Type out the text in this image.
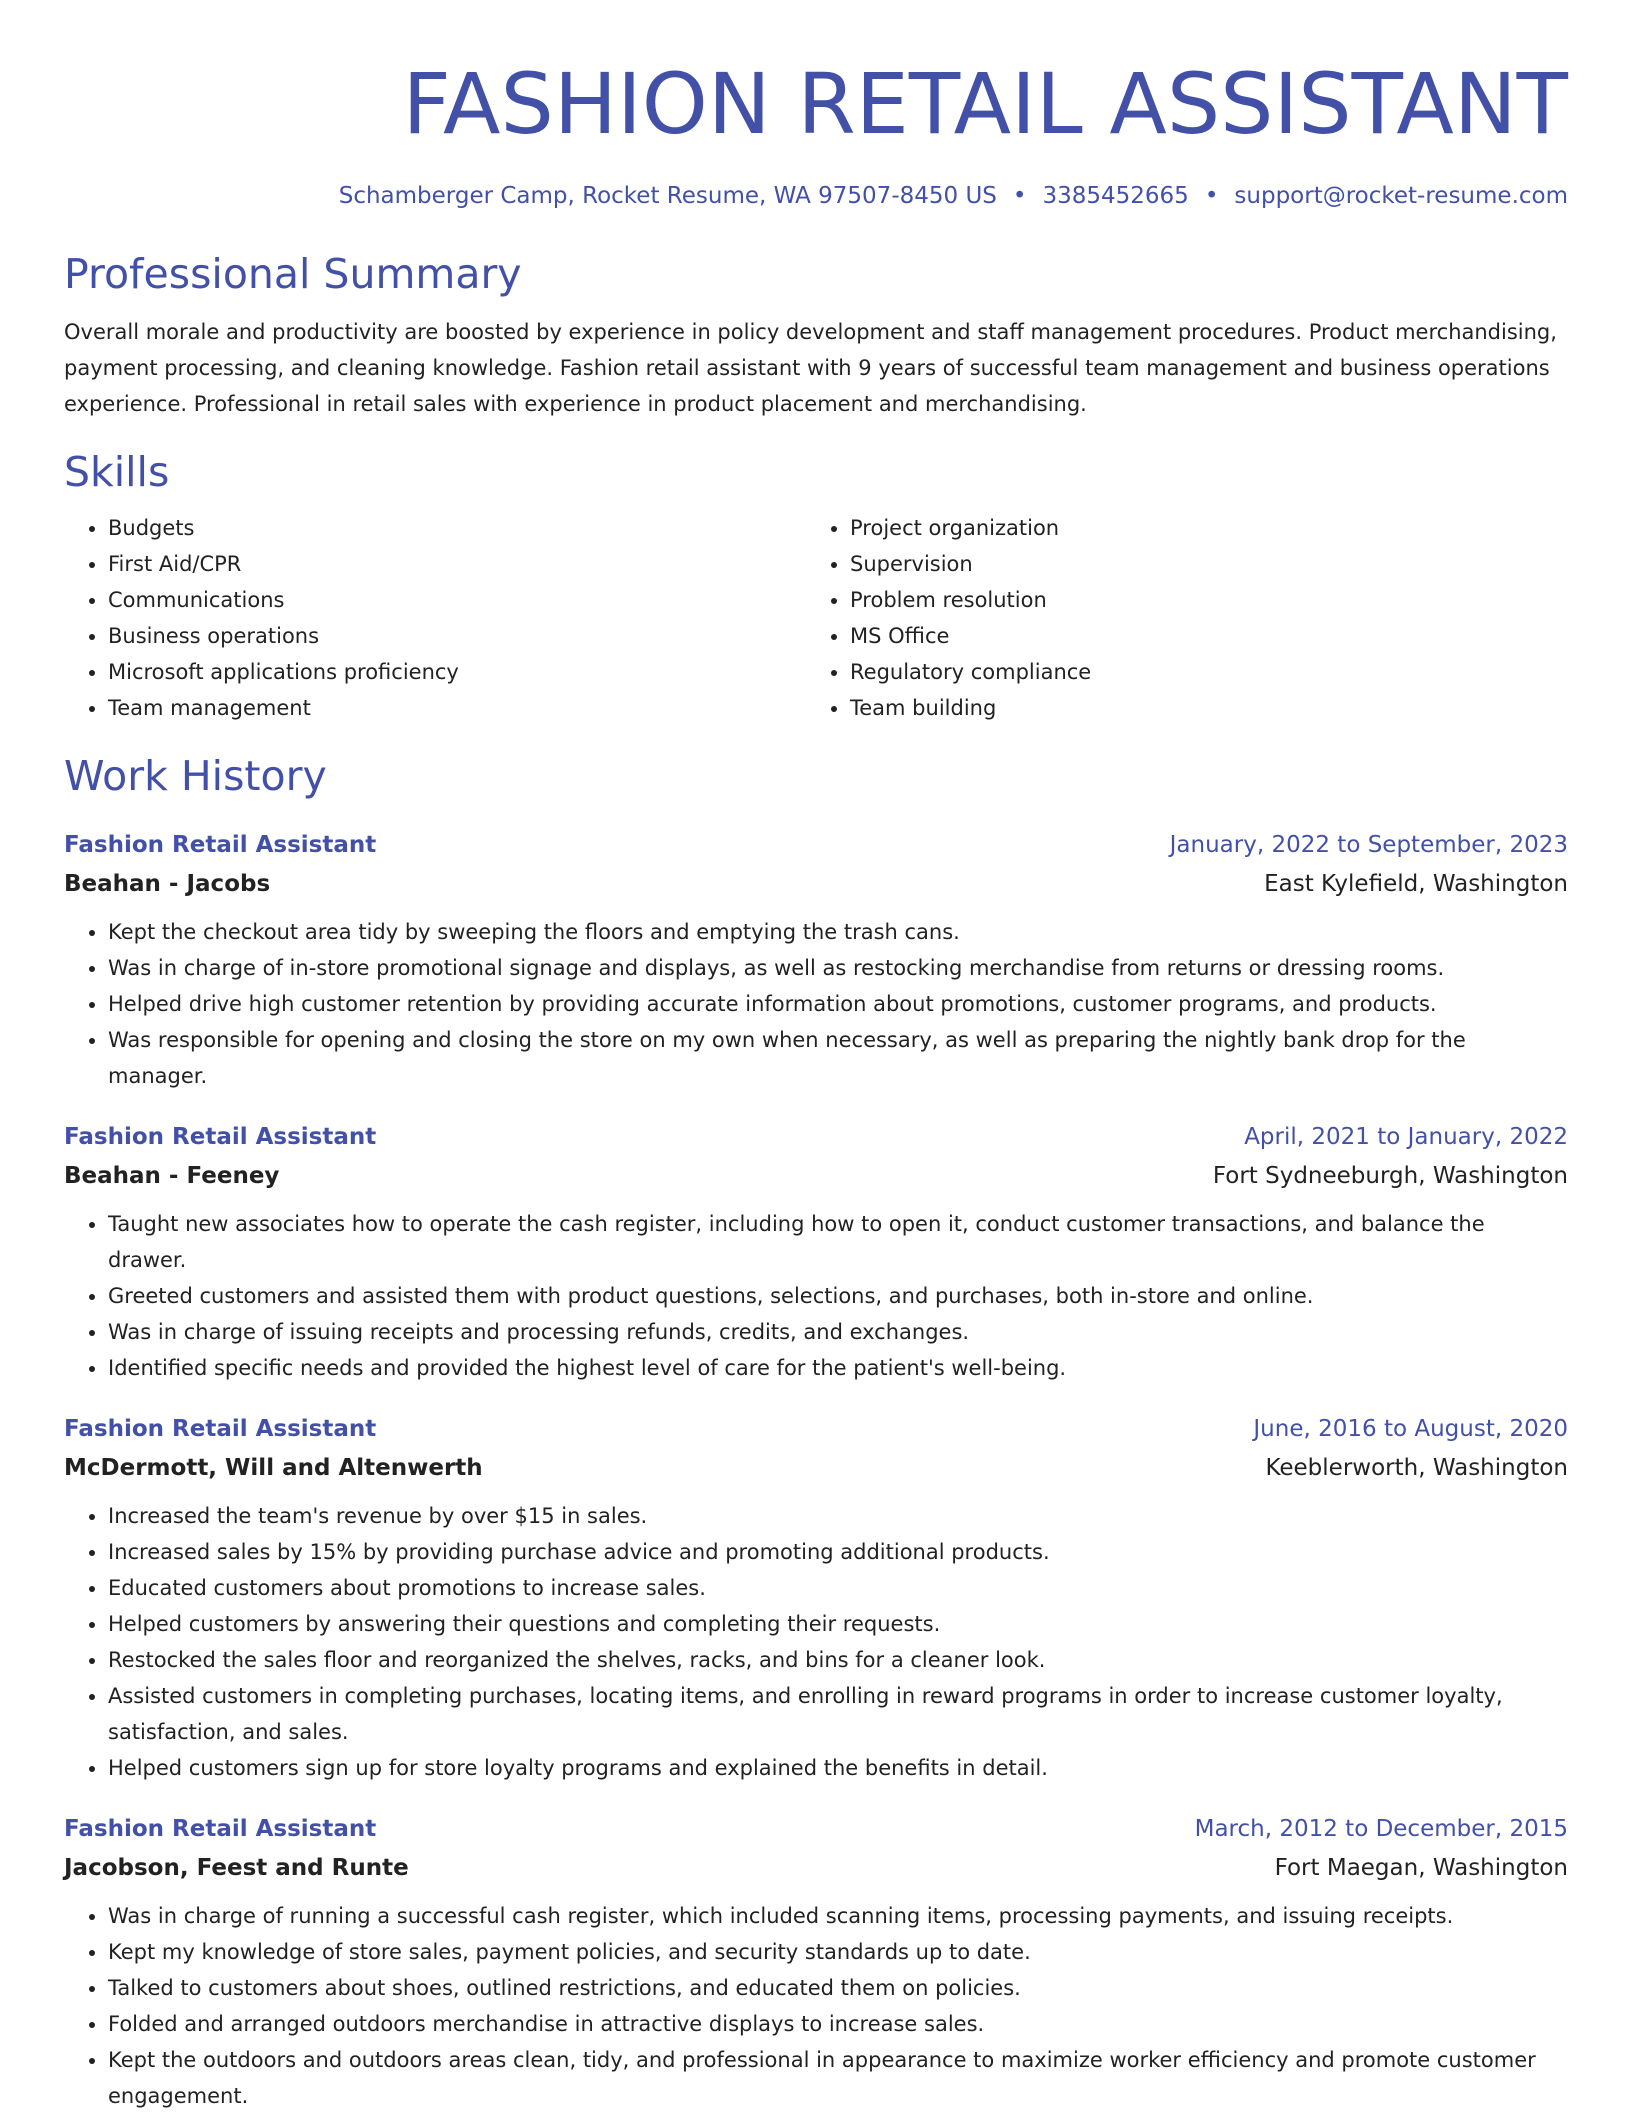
FASHION RETAIL ASSISTANT
Schamberger Camp, Rocket Resume, WA 97507-8450 US • 3385452665 • support@rocket-resume.com
Professional Summary
Overall morale and productivity are boosted by experience in policy development and staff management procedures. Product merchandising, payment processing, and cleaning knowledge. Fashion retail assistant with 9 years of successful team management and business operations experience. Professional in retail sales with experience in product placement and merchandising.
Skills
• Budgets
• First Aid/CPR
• Communications
• Business operations
• Microsoft applications proficiency
• Team management
• Project organization
• Supervision
• Problem resolution
• MS Office
• Regulatory compliance
• Team building
Work History
Fashion Retail Assistant	January, 2022 to September, 2023
Beahan - Jacobs	East Kylefield, Washington
• Kept the checkout area tidy by sweeping the floors and emptying the trash cans.
• Was in charge of in-store promotional signage and displays, as well as restocking merchandise from returns or dressing rooms.
• Helped drive high customer retention by providing accurate information about promotions, customer programs, and products.
• Was responsible for opening and closing the store on my own when necessary, as well as preparing the nightly bank drop for the manager.
Fashion Retail Assistant	April, 2021 to January, 2022
Beahan - Feeney	Fort Sydneeburgh, Washington
• Taught new associates how to operate the cash register, including how to open it, conduct customer transactions, and balance the drawer.
• Greeted customers and assisted them with product questions, selections, and purchases, both in-store and online.
• Was in charge of issuing receipts and processing refunds, credits, and exchanges.
• Identified specific needs and provided the highest level of care for the patient's well-being.
Fashion Retail Assistant	June, 2016 to August, 2020
McDermott, Will and Altenwerth	Keeblerworth, Washington
• Increased the team's revenue by over $15 in sales.
• Increased sales by 15% by providing purchase advice and promoting additional products.
• Educated customers about promotions to increase sales.
• Helped customers by answering their questions and completing their requests.
• Restocked the sales floor and reorganized the shelves, racks, and bins for a cleaner look.
• Assisted customers in completing purchases, locating items, and enrolling in reward programs in order to increase customer loyalty, satisfaction, and sales.
• Helped customers sign up for store loyalty programs and explained the benefits in detail.
Fashion Retail Assistant	March, 2012 to December, 2015
Jacobson, Feest and Runte	Fort Maegan, Washington
• Was in charge of running a successful cash register, which included scanning items, processing payments, and issuing receipts.
• Kept my knowledge of store sales, payment policies, and security standards up to date.
• Talked to customers about shoes, outlined restrictions, and educated them on policies.
• Folded and arranged outdoors merchandise in attractive displays to increase sales.
• Kept the outdoors and outdoors areas clean, tidy, and professional in appearance to maximize worker efficiency and promote customer engagement.
